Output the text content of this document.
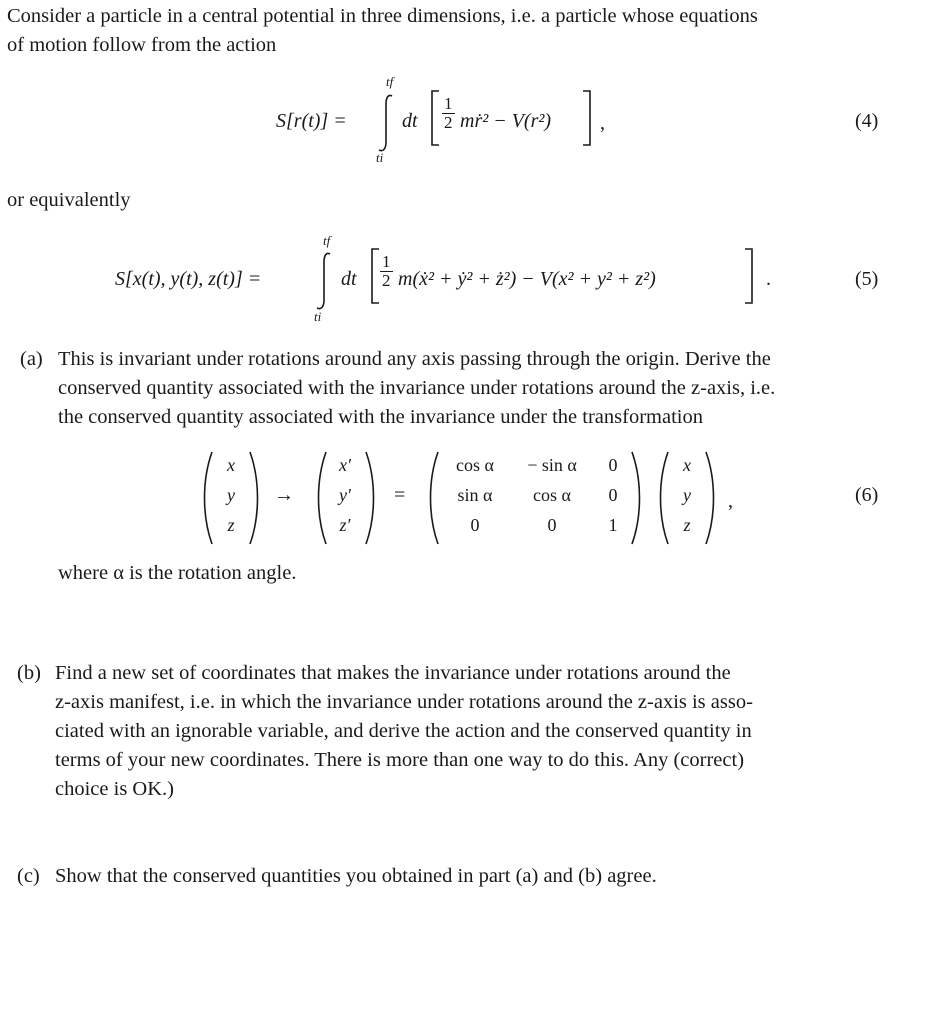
Consider a particle in a central potential in three dimensions, i.e. a particle whose equations
of motion follow from the action
S[r(t)] =
tf
ti
dt $\frac{1}{2}$ mṙ² − V(r²) ,	(4)
or equivalently
S[x(t), y(t), z(t)] =
tf
ti
dt $\frac{1}{2}$ m(ẋ² + ẏ² + ż²) − V(x² + y² + z²)	.	(5)
(a) This is invariant under rotations around any axis passing through the origin. Derive the
conserved quantity associated with the invariance under rotations around the z-axis, i.e.
the conserved quantity associated with the invariance under the transformation
x
y
z
→
x′
y′
z′
=
cos α	− sin α	0
sin α	cos α	0
0	0	1
x
y
z
,	(6)
where α is the rotation angle.
(b) Find a new set of coordinates that makes the invariance under rotations around the
z-axis manifest, i.e. in which the invariance under rotations around the z-axis is asso-
ciated with an ignorable variable, and derive the action and the conserved quantity in
terms of your new coordinates. There is more than one way to do this. Any (correct)
choice is OK.)
(c) Show that the conserved quantities you obtained in part (a) and (b) agree.
